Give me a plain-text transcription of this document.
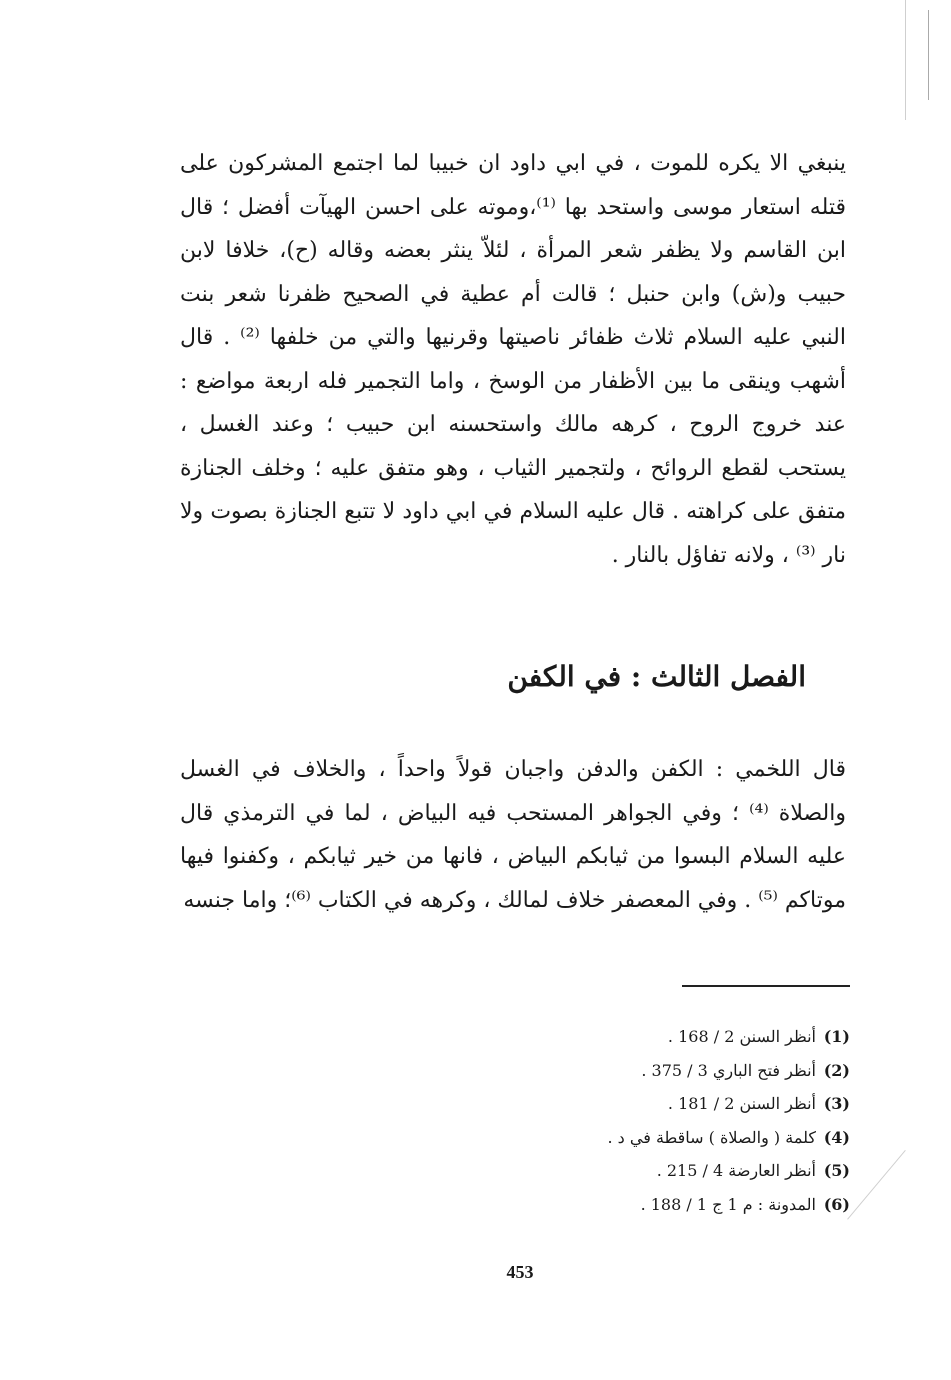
ينبغي الا يكره للموت ، في ابي داود ان خبيبا لما اجتمع المشركون على قتله استعار موسى واستحد بها ⁽¹⁾،وموته على احسن الهيآت أفضل ؛ قال ابن القاسم ولا يظفر شعر المرأة ، لئلاّ ينثر بعضه وقاله (ح)، خلافا لابن حبيب و(ش) وابن حنبل ؛ قالت أم عطية في الصحيح ظفرنا شعر بنت النبي عليه السلام ثلاث ظفائر ناصيتها وقرنيها والتي من خلفها ⁽²⁾ . قال أشهب وينقى ما بين الأظفار من الوسخ ، واما التجمير فله اربعة مواضع : عند خروج الروح ، كرهه مالك واستحسنه ابن حبيب ؛ وعند الغسل ، يستحب لقطع الروائح ، ولتجمير الثياب ، وهو متفق عليه ؛ وخلف الجنازة متفق على كراهته . قال عليه السلام في ابي داود لا تتبع الجنازة بصوت ولا نار ⁽³⁾ ، ولانه تفاؤل بالنار .

الفصل الثالث : في الكفن

قال اللخمي : الكفن والدفن واجبان قولاً واحداً ، والخلاف في الغسل والصلاة ⁽⁴⁾ ؛ وفي الجواهر المستحب فيه البياض ، لما في الترمذي قال عليه السلام البسوا من ثيابكم البياض ، فانها من خير ثيابكم ، وكفنوا فيها موتاكم ⁽⁵⁾ . وفي المعصفر خلاف لمالك ، وكرهه في الكتاب ⁽⁶⁾؛ واما جنسه

(1)أنظر السنن 2 / 168 .
(2)أنظر فتح الباري 3 / 375 .
(3)أنظر السنن 2 / 181 .
(4)كلمة ( والصلاة ) ساقطة في د .
(5)أنظر العارضة 4 / 215 .
(6)المدونة : م 1 ج 1 / 188 .
453
